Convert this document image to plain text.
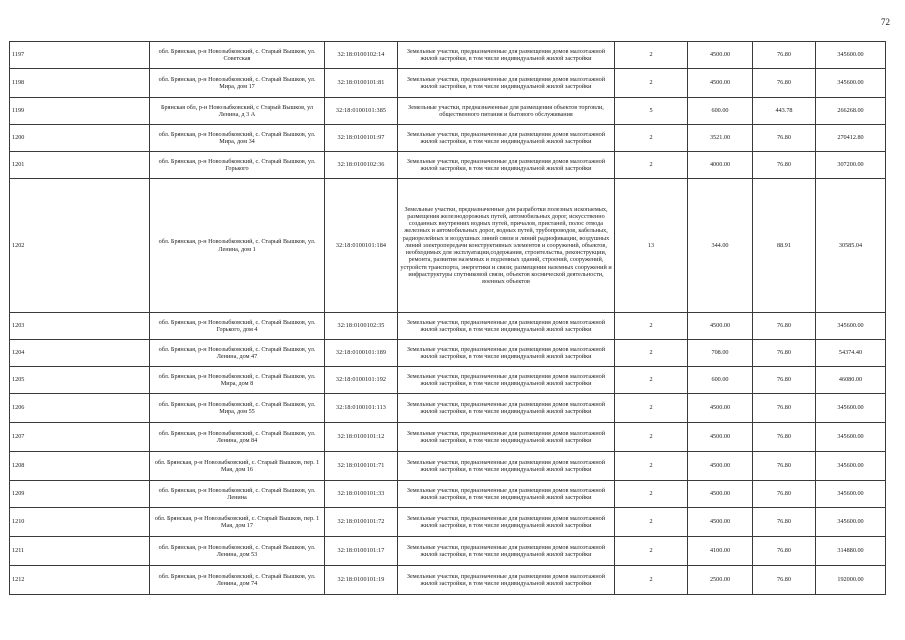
72
1197	обл. Брянская, р-н Новозыбковский, с. Старый Вышков, ул. Советская	32:18:0100102:14	Земельные участки, предназначенные для размещения домов малоэтажной жилой застройки, в том числе индивидуальной жилой застройки	2	4500.00	76.80	345600.00
1198	обл. Брянская, р-н Новозыбковский, с. Старый Вышков, ул. Мира, дом 17	32:18:0100101:81	Земельные участки, предназначенные для размещения домов малоэтажной жилой застройки, в том числе индивидуальной жилой застройки	2	4500.00	76.80	345600.00
1199	Брянская обл, р-н Новозыбковский, с Старый Вышков, ул Ленина, д 3 А	32:18:0100101:385	Земельные участки, предназначенные для размещения объектов торговли, общественного питания и бытового обслуживания	5	600.00	443.78	266268.00
1200	обл. Брянская, р-н Новозыбковский, с. Старый Вышков, ул. Мира, дом 34	32:18:0100101:97	Земельные участки, предназначенные для размещения домов малоэтажной жилой застройки, в том числе индивидуальной жилой застройки	2	3521.00	76.80	270412.80
1201	обл. Брянская, р-н Новозыбковский, с. Старый Вышков, ул. Горького	32:18:0100102:36	Земельные участки, предназначенные для размещения домов малоэтажной жилой застройки, в том числе индивидуальной жилой застройки	2	4000.00	76.80	307200.00
1202	обл. Брянская, р-н Новозыбковский, с. Старый Вышков, ул. Ленина, дом 1	32:18:0100101:184	Земельные участки, предназначенные для разработки полезных ископаемых, размещения железнодорожных путей, автомобильных дорог, искусственно созданных внутренних водных путей, причалов, пристаней, полос отвода железных и автомобильных дорог, водных путей, трубопроводов, кабельных, радиорелейных и воздушных линий связи и линий радиофикации, воздушных линий электропередачи конструктивных элементов и сооружений, объектов, необходимых для эксплуатации,содержания, строительства, реконструкции, ремонта, развития наземных и подземных зданий, строений, сооружений, устройств транспорта, энергетики и связи; размещения наземных сооружений и инфраструктуры спутниковой связи, объектов космической деятельности, военных объектов	13	344.00	88.91	30585.04
1203	обл. Брянская, р-н Новозыбковский, с. Старый Вышков, ул. Горького, дом 4	32:18:0100102:35	Земельные участки, предназначенные для размещения домов малоэтажной жилой застройки, в том числе индивидуальной жилой застройки	2	4500.00	76.80	345600.00
1204	обл. Брянская, р-н Новозыбковский, с. Старый Вышков, ул. Ленина, дом 47	32:18:0100101:189	Земельные участки, предназначенные для размещения домов малоэтажной жилой застройки, в том числе индивидуальной жилой застройки	2	708.00	76.80	54374.40
1205	обл. Брянская, р-н Новозыбковский, с. Старый Вышков, ул. Мира, дом 8	32:18:0100101:192	Земельные участки, предназначенные для размещения домов малоэтажной жилой застройки, в том числе индивидуальной жилой застройки	2	600.00	76.80	46080.00
1206	обл. Брянская, р-н Новозыбковский, с. Старый Вышков, ул. Мира, дом 55	32:18:0100101:113	Земельные участки, предназначенные для размещения домов малоэтажной жилой застройки, в том числе индивидуальной жилой застройки	2	4500.00	76.80	345600.00
1207	обл. Брянская, р-н Новозыбковский, с. Старый Вышков, ул. Ленина, дом 84	32:18:0100101:12	Земельные участки, предназначенные для размещения домов малоэтажной жилой застройки, в том числе индивидуальной жилой застройки	2	4500.00	76.80	345600.00
1208	обл. Брянская, р-н Новозыбковский, с. Старый Вышков, пер. 1 Мая, дом 16	32:18:0100101:71	Земельные участки, предназначенные для размещения домов малоэтажной жилой застройки, в том числе индивидуальной жилой застройки	2	4500.00	76.80	345600.00
1209	обл. Брянская, р-н Новозыбковский, с. Старый Вышков, ул. Ленина	32:18:0100101:33	Земельные участки, предназначенные для размещения домов малоэтажной жилой застройки, в том числе индивидуальной жилой застройки	2	4500.00	76.80	345600.00
1210	обл. Брянская, р-н Новозыбковский, с. Старый Вышков, пер. 1 Мая, дом 17	32:18:0100101:72	Земельные участки, предназначенные для размещения домов малоэтажной жилой застройки, в том числе индивидуальной жилой застройки	2	4500.00	76.80	345600.00
1211	обл. Брянская, р-н Новозыбковский, с. Старый Вышков, ул. Ленина, дом 53	32:18:0100101:17	Земельные участки, предназначенные для размещения домов малоэтажной жилой застройки, в том числе индивидуальной жилой застройки	2	4100.00	76.80	314880.00
1212	обл. Брянская, р-н Новозыбковский, с. Старый Вышков, ул. Ленина, дом 74	32:18:0100101:19	Земельные участки, предназначенные для размещения домов малоэтажной жилой застройки, в том числе индивидуальной жилой застройки	2	2500.00	76.80	192000.00
